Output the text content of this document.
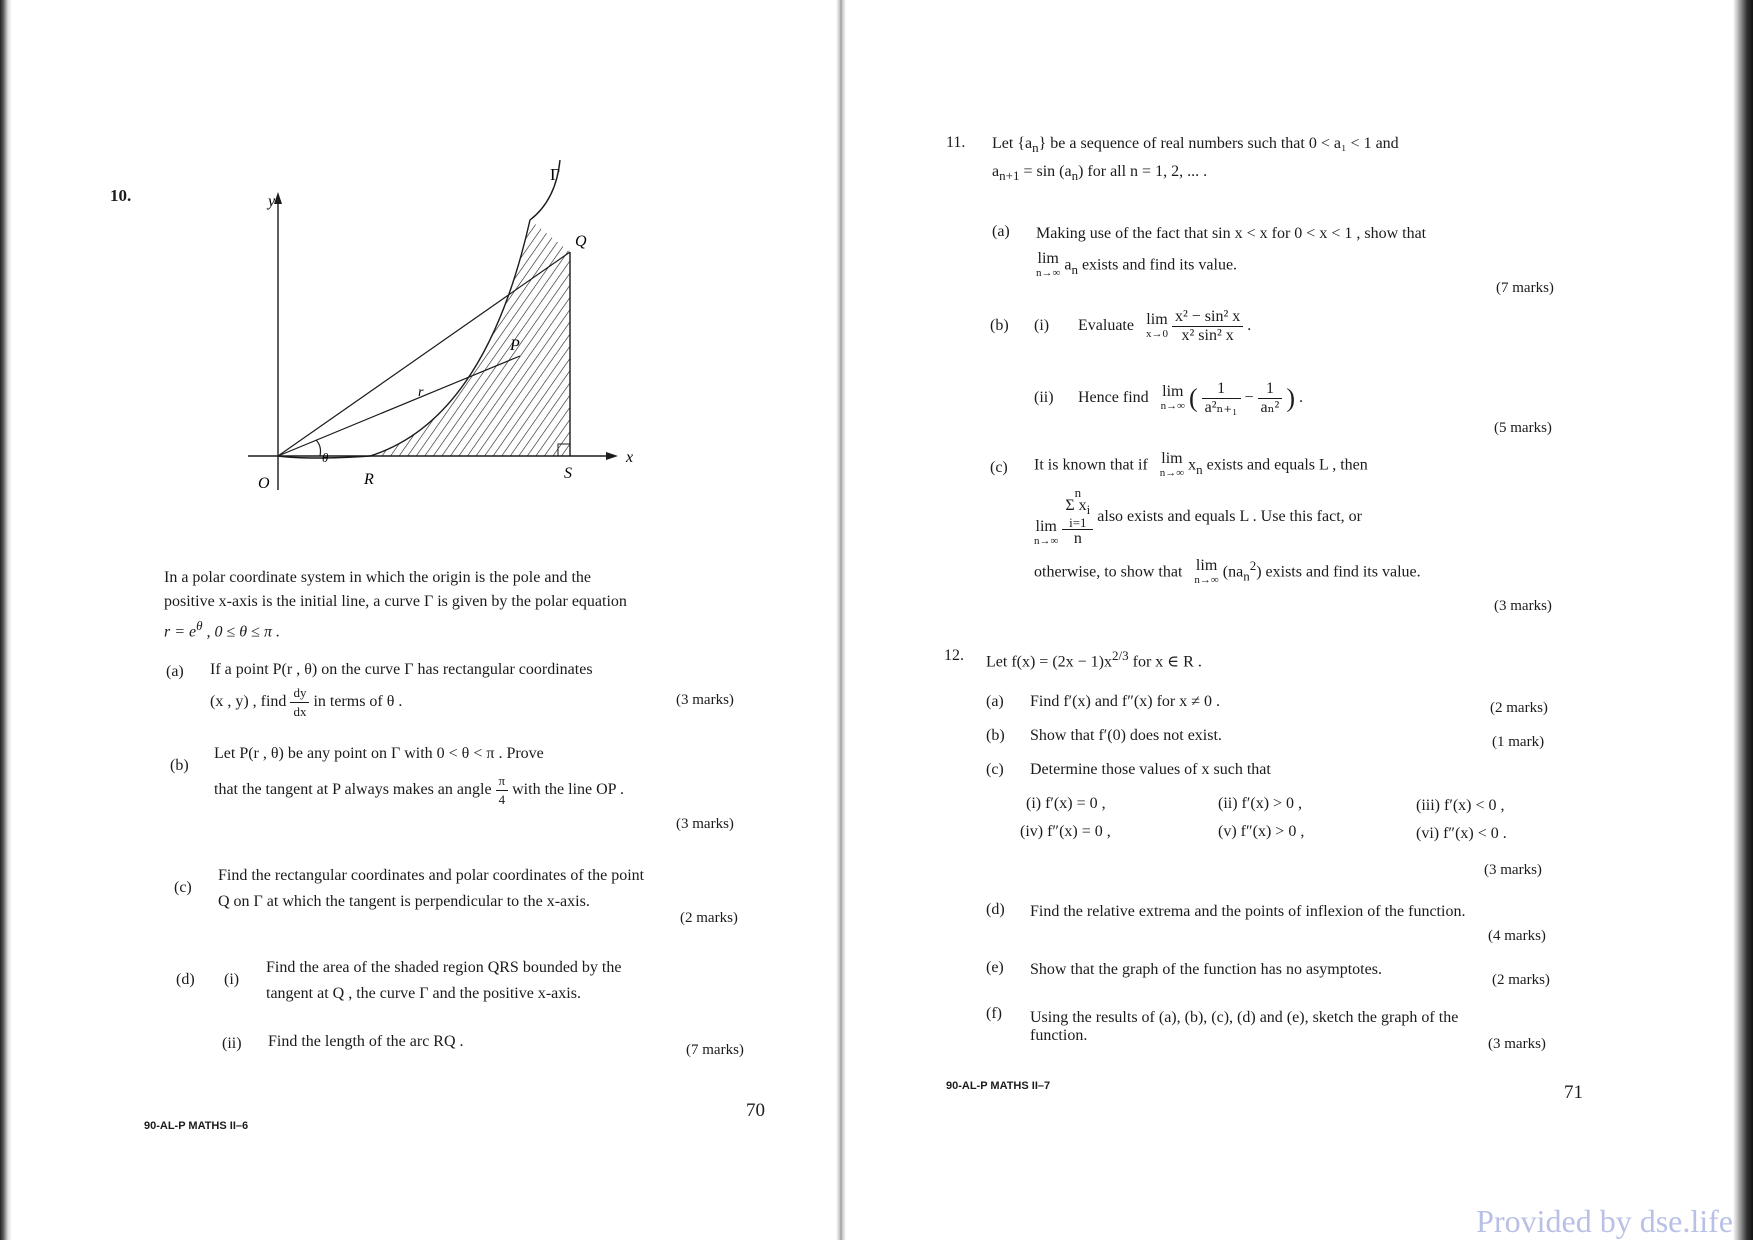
10.	y
x
O	R	S
P
Q
Γ
r
θ
In a polar coordinate system in which the origin is the pole and the
positive x-axis is the initial line, a curve Γ is given by the polar equation
$r = e^\theta$ , 0 ≤ θ ≤ π .
(a) If a point P(r , θ) on the curve Γ has rectangular coordinates
(x , y) , find $\frac{dy}{dx}$ in terms of θ .	(3 marks)
(b)
Let P(r , θ) be any point on Γ with 0 < θ < π . Prove
that the tangent at P always makes an angle $\frac{\pi}{4}$ with the line OP .
(3 marks)
(c)
Find the rectangular coordinates and polar coordinates of the point
Q on Γ at which the tangent is perpendicular to the x-axis.
(2 marks)
(d) (i)
Find the area of the shaded region QRS bounded by the
tangent at Q , the curve Γ and the positive x-axis.
(ii) Find the length of the arc RQ .	(7 marks)
90-AL-P MATHS II–6
70
11. Let $\{a_n\}$ be a sequence of real numbers such that 0 < a₁ < 1 and
$a_{n+1} = \sin (a_n)$ for all n = 1, 2, ... .
(a) Making use of the fact that sin x < x for 0 < x < 1 , show that
lim
n→∞ $a_n$ exists and find its value.
(7 marks)
(b) (i) Evaluate lim
x→0
$\frac{\text{x² − sin² x}}{\text{x² sin² x}}$ .
(ii) Hence find lim
n→∞ ( $\frac{1}{\text{a²ₙ₊₁}} - \frac{1}{\text{aₙ²}}$ ) .
(5 marks)
(c) It is known that if lim
n→∞ $x_n$ exists and equals L , then
lim
n→∞
n
Σ $x_i$
i=1
n also exists and equals L . Use this fact, or
otherwise, to show that lim
n→∞ $(na_n^2)$ exists and find its value.
(3 marks)
12. Let $f(x) = (2x - 1)x^{2/3}$ for x ∈ R .
(a) Find f′(x) and f″(x) for x ≠ 0 .	(2 marks)
(b) Show that f′(0) does not exist.	(1 mark)
(c) Determine those values of x such that
(i) f′(x) = 0 ,	(ii) f′(x) > 0 ,	(iii) f′(x) < 0 ,
(iv) f″(x) = 0 ,	(v) f″(x) > 0 ,	(vi) f″(x) < 0 .
(3 marks)
(d) Find the relative extrema and the points of inflexion of the function.
(4 marks)
(e) Show that the graph of the function has no asymptotes.
(2 marks)
(f) Using the results of (a), (b), (c), (d) and (e), sketch the graph of the
function.	(3 marks)
90-AL-P MATHS II–7	71
Provided by dse.life
